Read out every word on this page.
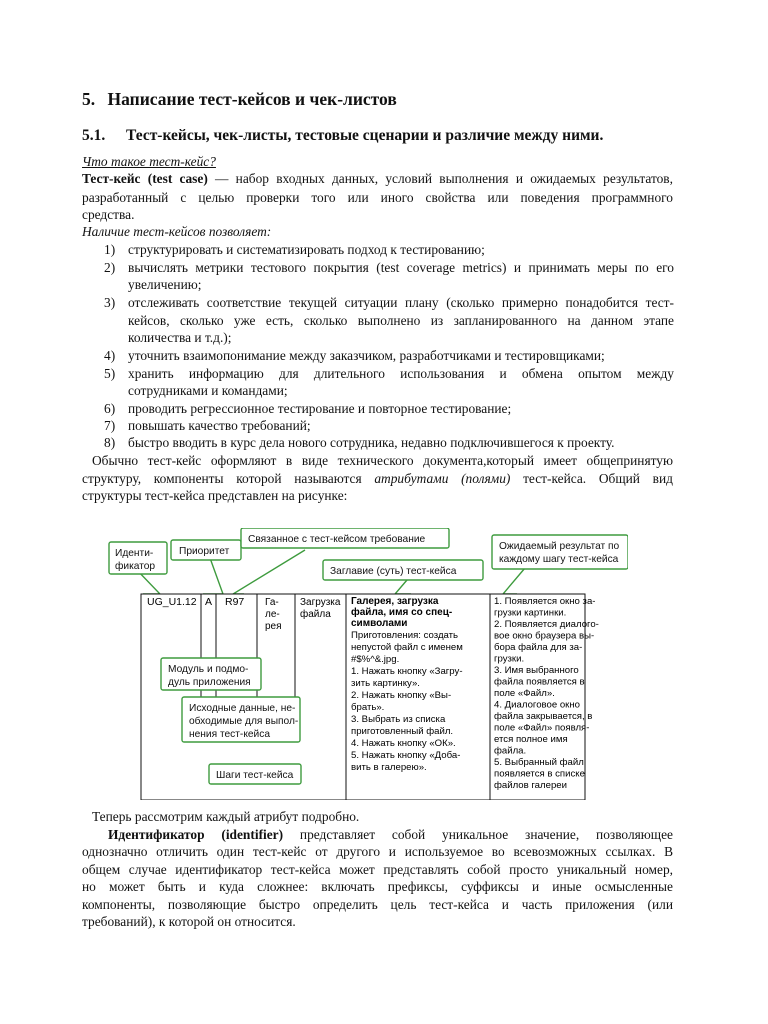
5. Написание тест-кейсов и чек-листов
5.1. Тест-кейсы, чек-листы, тестовые сценарии и различие между ними.
Что такое тест-кейс?
Тест-кейс (test case) — набор входных данных, условий выполнения и ожидаемых результатов,
разработанный с целью проверки того или иного свойства или поведения программного
средства.
Наличие тест-кейсов позволяет:
1) структурировать и систематизировать подход к тестированию;
2) вычислять метрики тестового покрытия (test coverage metrics) и принимать меры по его
увеличению;
3) отслеживать соответствие текущей ситуации плану (сколько примерно понадобится тест-
кейсов, сколько уже есть, сколько выполнено из запланированного на данном этапе
количества и т.д.);
4) уточнить взаимопонимание между заказчиком, разработчиками и тестировщиками;
5) хранить информацию для длительного использования и обмена опытом между
сотрудниками и командами;
6) проводить регрессионное тестирование и повторное тестирование;
7) повышать качество требований;
8) быстро вводить в курс дела нового сотрудника, недавно подключившегося к проекту.
Обычно тест-кейс оформляют в виде технического документа,который имеет общепринятую
структуру, компоненты которой называются атрибутами (полями) тест-кейса. Общий вид
структуры тест-кейса представлен на рисунке:
UG_U1.12 A R97 Га-
ле-
рея
Загрузка
файла
Галерея, загрузка
файла, имя со спец-
символами
Приготовления: создать
непустой файл с именем
#$%^&.jpg.
1. Нажать кнопку «Загру-
зить картинку».
2. Нажать кнопку «Вы-
брать».
3. Выбрать из списка
приготовленный файл.
4. Нажать кнопку «ОК».
5. Нажать кнопку «Доба-
вить в галерею».
1. Появляется окно за-
грузки картинки.
2. Появляется диалого-
вое окно браузера вы-
бора файла для за-
грузки.
3. Имя выбранного
файла появляется в
поле «Файл».
4. Диалоговое окно
файла закрывается, в
поле «Файл» появля-
ется полное имя
файла.
5. Выбранный файл
появляется в списке
файлов галереи
Иденти-
фикатор
Приоритет
Связанное с тест-кейсом требование
Заглавие (суть) тест-кейса
Ожидаемый результат по
каждому шагу тест-кейса
Модуль и подмо-
дуль приложения
Исходные данные, не-
обходимые для выпол-
нения тест-кейса
Шаги тест-кейса
Теперь рассмотрим каждый атрибут подробно.
Идентификатор (identifier) представляет собой уникальное значение, позволяющее
однозначно отличить один тест-кейс от другого и используемое во всевозможных ссылках. В
общем случае идентификатор тест-кейса может представлять собой просто уникальный номер,
но может быть и куда сложнее: включать префиксы, суффиксы и иные осмысленные
компоненты, позволяющие быстро определить цель тест-кейса и часть приложения (или
требований), к которой он относится.
